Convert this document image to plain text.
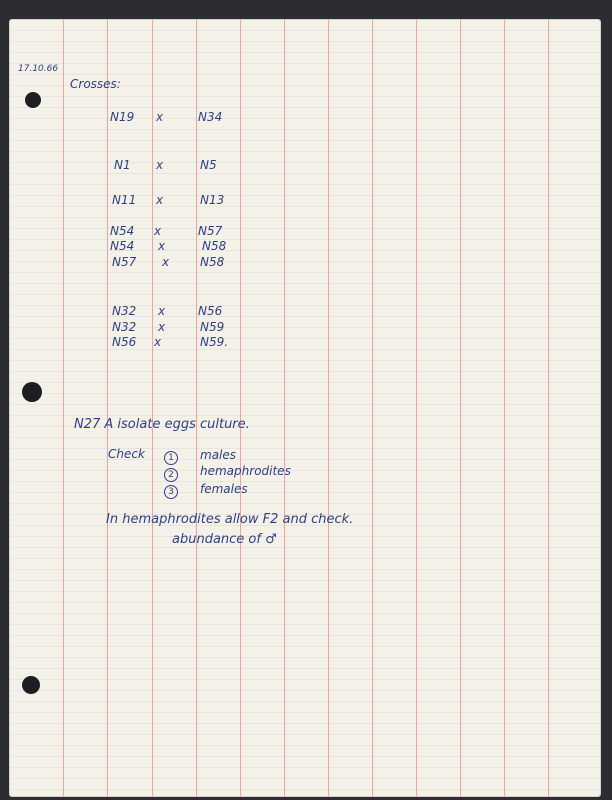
17.10.66
Crosses:
N19 x	N34
N1 x	N5
N11 x	N13
N54 x	N57
N54 x	N58
N57 x	N58
N32 x	N56
N32 x	N59
N56 x	N59.
N27 A isolate eggs culture.
Check	1	males
2	hemaphrodites
3	females
In hemaphrodites allow F2 and check.
abundance of ♂
